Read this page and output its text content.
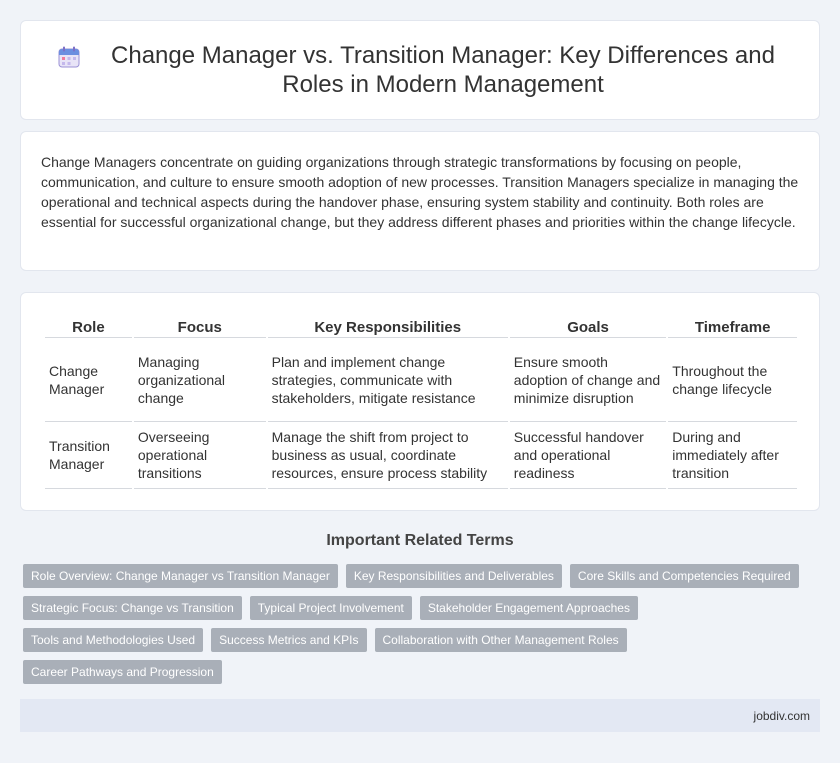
Change Manager vs. Transition Manager: Key Differences and Roles in Modern Management

Change Managers concentrate on guiding organizations through strategic transformations by focusing on people, communication, and culture to ensure smooth adoption of new processes. Transition Managers specialize in managing the operational and technical aspects during the handover phase, ensuring system stability and continuity. Both roles are essential for successful organizational change, but they address different phases and priorities within the change lifecycle.

Role	Focus	Key Responsibilities	Goals	Timeframe
Change Manager	Managing organizational change	Plan and implement change strategies, communicate with stakeholders, mitigate resistance	Ensure smooth adoption of change and minimize disruption	Throughout the change lifecycle
Transition Manager	Overseeing operational transitions	Manage the shift from project to business as usual, coordinate resources, ensure process stability	Successful handover and operational readiness	During and immediately after transition
Important Related Terms
Role Overview: Change Manager vs Transition Manager	Key Responsibilities and Deliverables	Core Skills and Competencies Required
Strategic Focus: Change vs Transition	Typical Project Involvement	Stakeholder Engagement Approaches
Tools and Methodologies Used	Success Metrics and KPIs	Collaboration with Other Management Roles
Career Pathways and Progression
jobdiv.com
